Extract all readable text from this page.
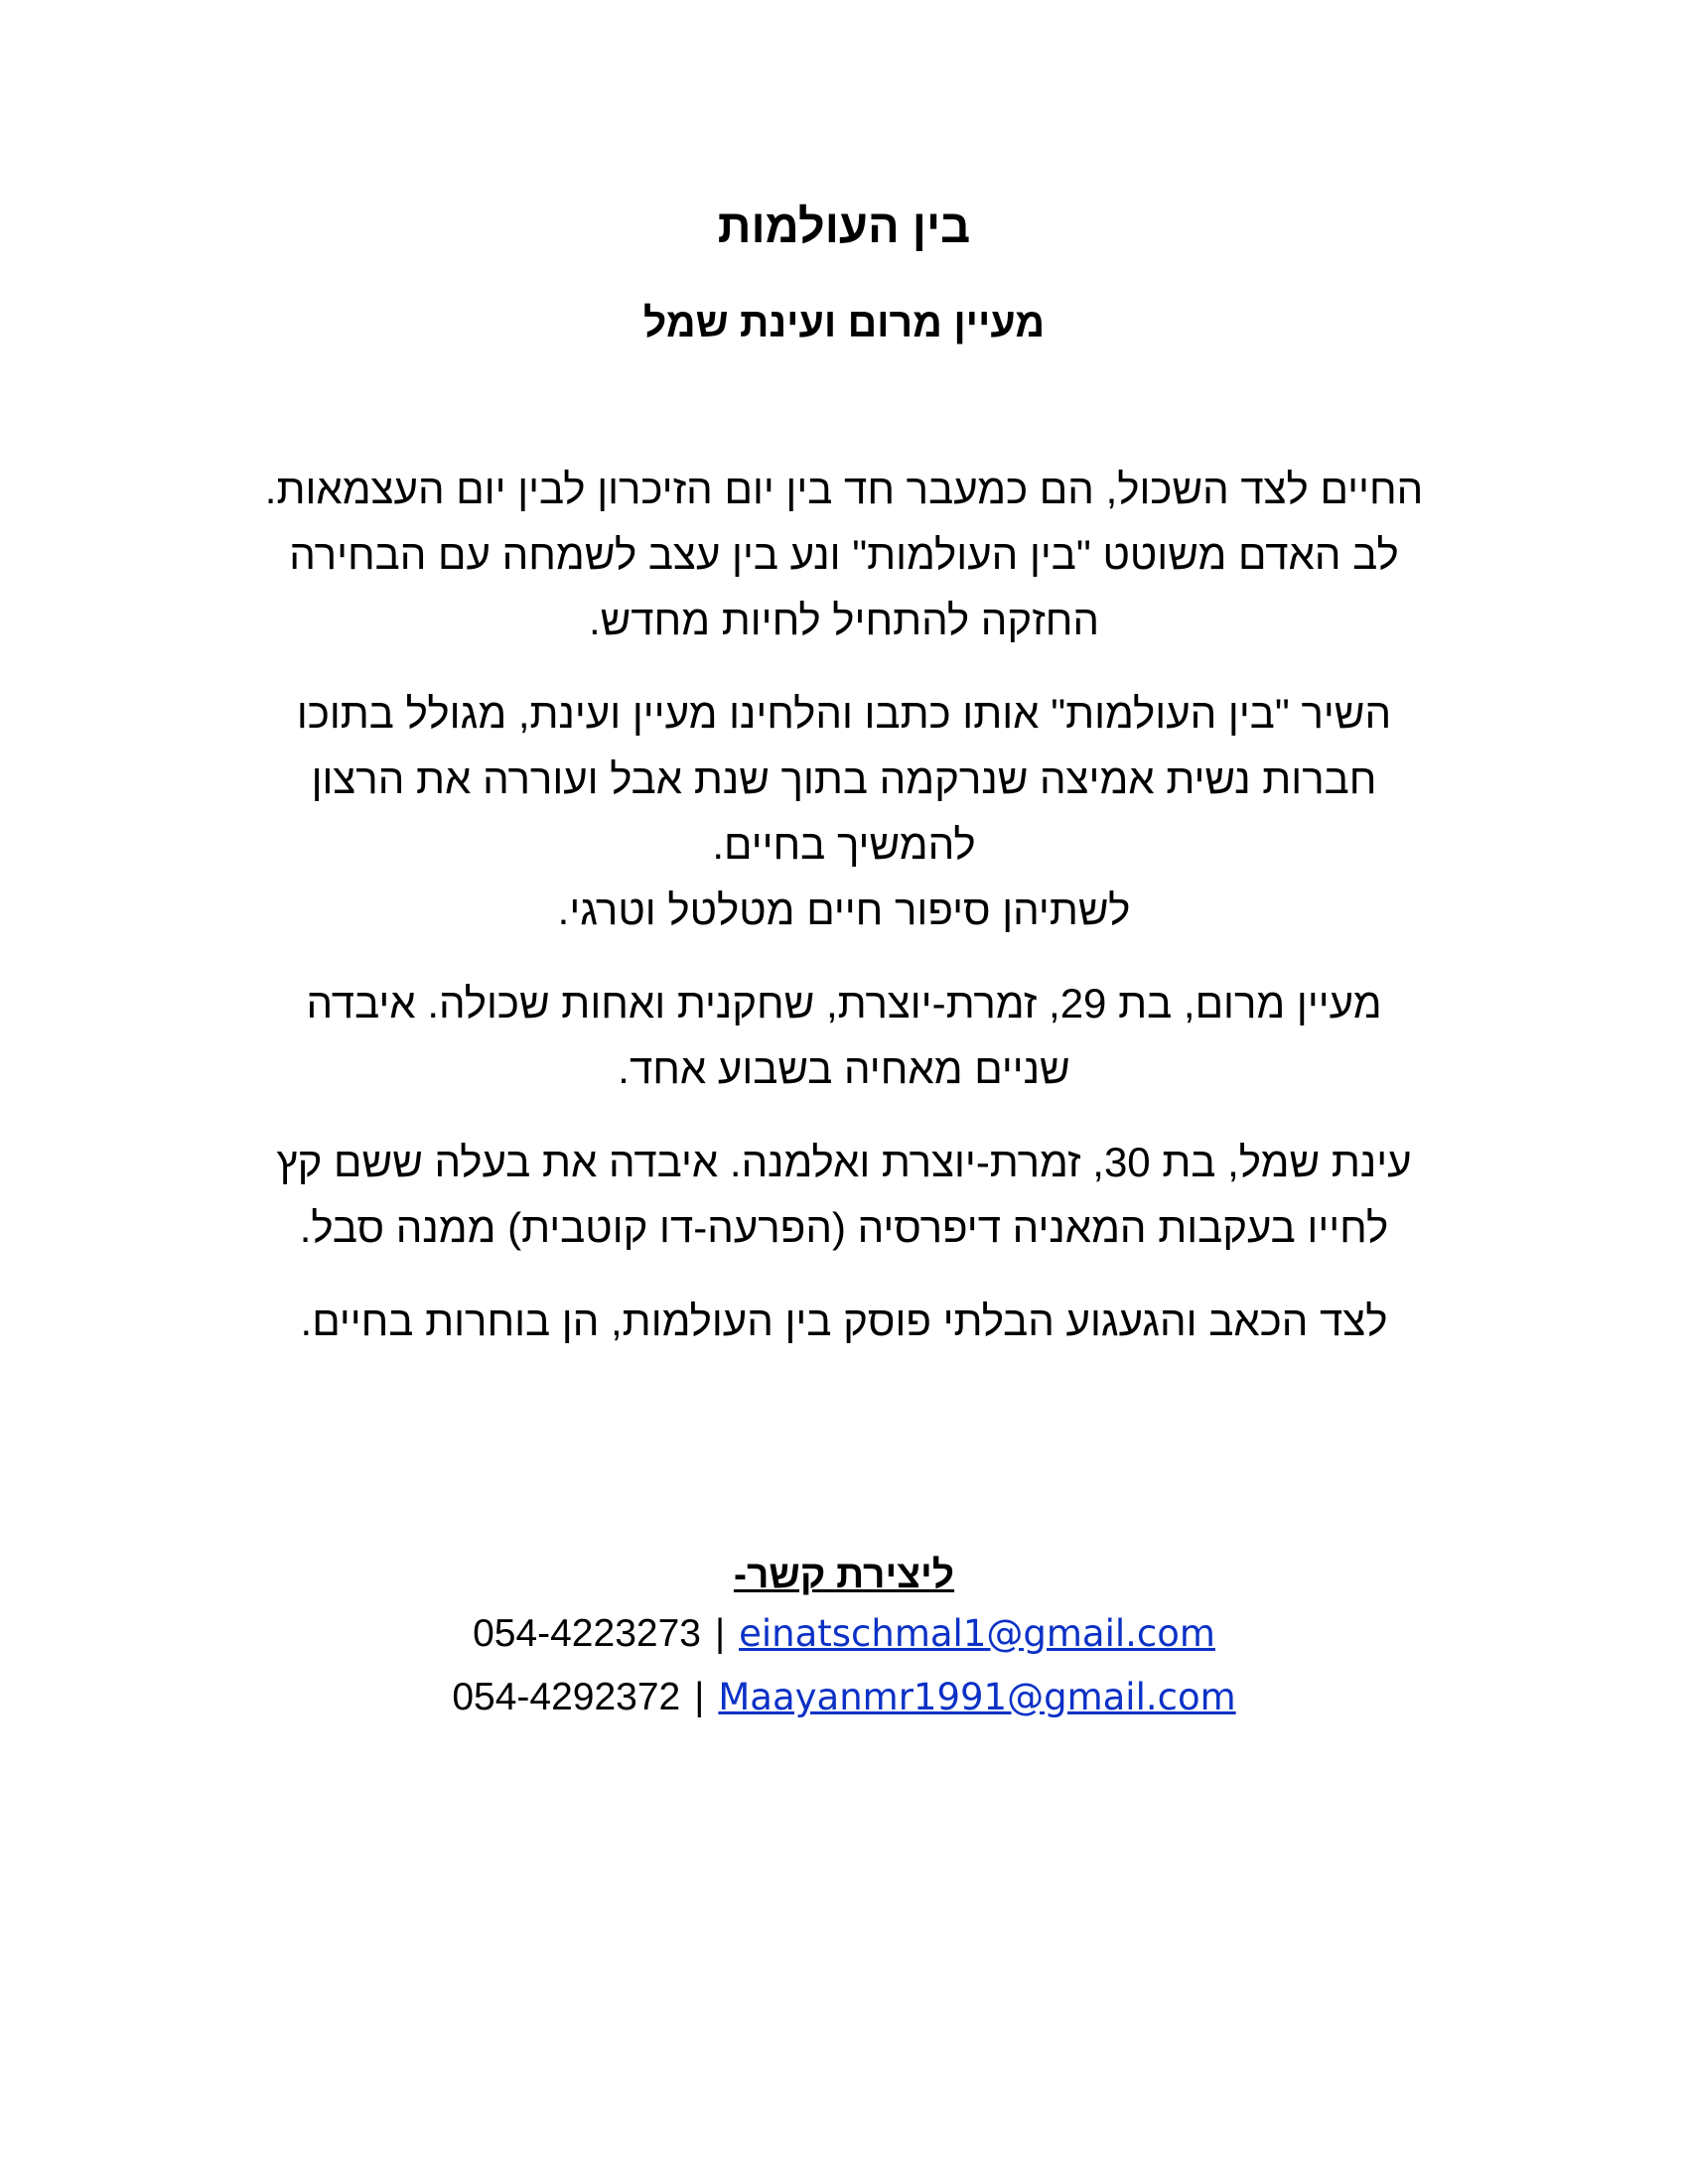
בין העולמות
מעיין מרום ועינת שמל

החיים לצד השכול, הם כמעבר חד בין יום הזיכרון לבין יום העצמאות.
לב האדם משוטט "בין העולמות" ונע בין עצב לשמחה עם הבחירה
החזקה להתחיל לחיות מחדש.

השיר "בין העולמות" אותו כתבו והלחינו מעיין ועינת, מגולל בתוכו
חברות נשית אמיצה שנרקמה בתוך שנת אבל ועוררה את הרצון
להמשיך בחיים.
לשתיהן סיפור חיים מטלטל וטרגי.

מעיין מרום, בת 29, זמרת-יוצרת, שחקנית ואחות שכולה. איבדה
שניים מאחיה בשבוע אחד.

עינת שמל, בת 30, זמרת-יוצרת ואלמנה. איבדה את בעלה ששם קץ
לחייו בעקבות המאניה דיפרסיה (הפרעה-דו קוטבית) ממנה סבל.

לצד הכאב והגעגוע הבלתי פוסק בין העולמות, הן בוחרות בחיים.

ליצירת קשר-
054-4223273 | einatschmal1@gmail.com
054-4292372 | Maayanmr1991@gmail.com
